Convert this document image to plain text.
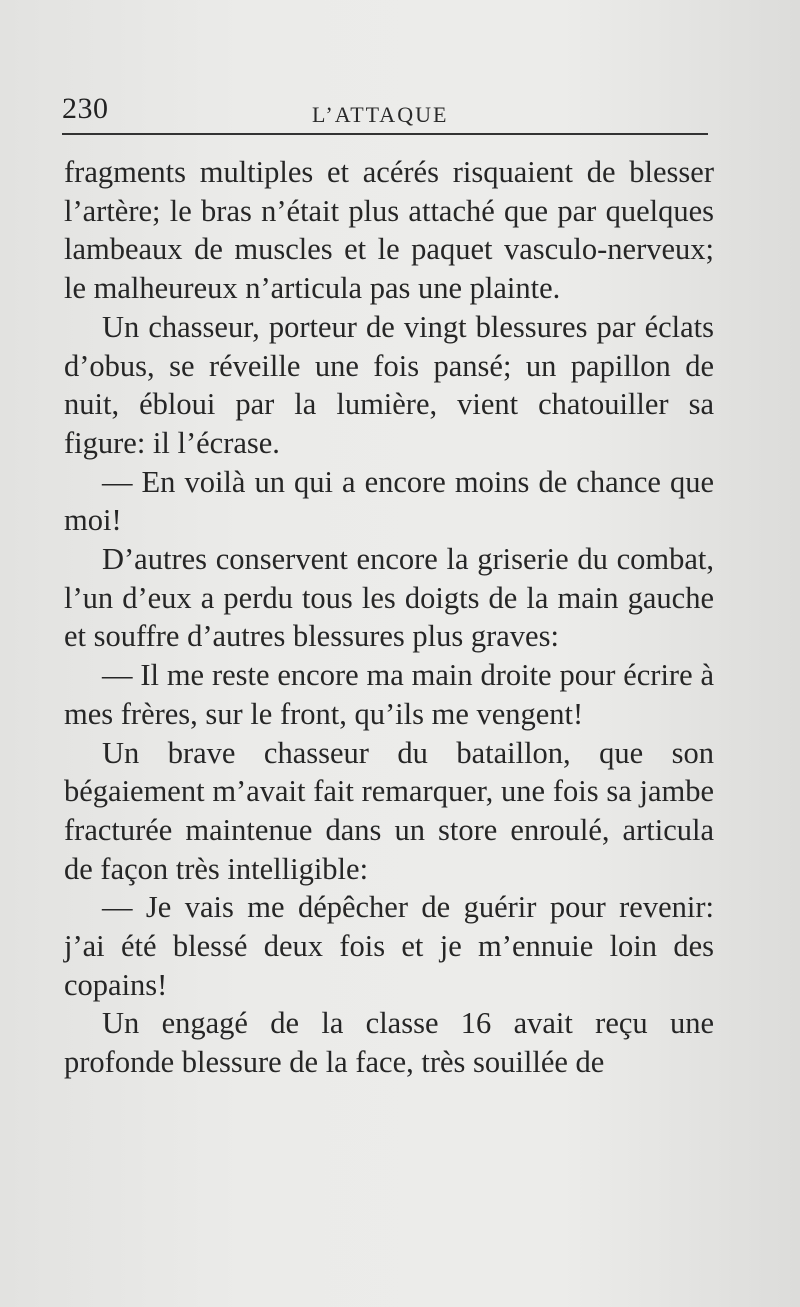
230	L’ATTAQUE

fragments multiples et acérés risquaient de blesser l’artère; le bras n’était plus attaché que par quelques lambeaux de muscles et le paquet vasculo-nerveux; le malheureux n’articula pas une plainte.

Un chasseur, porteur de vingt blessures par éclats d’obus, se réveille une fois pansé; un papillon de nuit, ébloui par la lumière, vient chatouiller sa figure: il l’écrase.

— En voilà un qui a encore moins de chance que moi!

D’autres conservent encore la griserie du combat, l’un d’eux a perdu tous les doigts de la main gauche et souffre d’autres blessures plus graves:

— Il me reste encore ma main droite pour écrire à mes frères, sur le front, qu’ils me vengent!

Un brave chasseur du bataillon, que son bégaiement m’avait fait remarquer, une fois sa jambe fracturée maintenue dans un store enroulé, articula de façon très intelligible:

— Je vais me dépêcher de guérir pour revenir: j’ai été blessé deux fois et je m’ennuie loin des copains!

Un engagé de la classe 16 avait reçu une profonde blessure de la face, très souillée de
